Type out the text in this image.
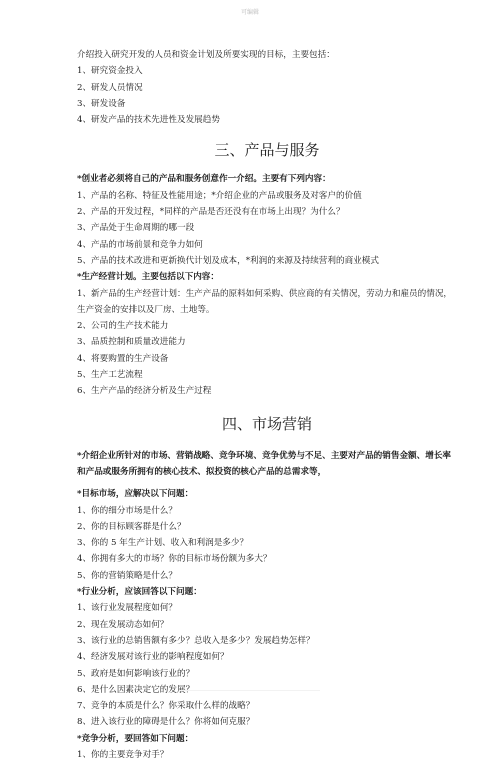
可编辑
介绍投入研究开发的人员和资金计划及所要实现的目标，主要包括：
1、研究资金投入
2、研发人员情况
3、研发设备
4、研发产品的技术先进性及发展趋势
三、产品与服务
*创业者必须将自己的产品和服务创意作一介绍。主要有下列内容：
1、产品的名称、特征及性能用途；*介绍企业的产品或服务及对客户的价值
2、产品的开发过程，*同样的产品是否还没有在市场上出现？为什么？
3、产品处于生命周期的哪一段
4、产品的市场前景和竞争力如何
5、产品的技术改进和更新换代计划及成本，*利润的来源及持续营利的商业模式
*生产经营计划。主要包括以下内容：
1、新产品的生产经营计划：生产产品的原料如何采购、供应商的有关情况，劳动力和雇员的情况，生产资金的安排以及厂房、土地等。
2、公司的生产技术能力
3、品质控制和质量改进能力
4、将要购置的生产设备
5、生产工艺流程
6、生产产品的经济分析及生产过程
四、市场营销
*介绍企业所针对的市场、营销战略、竞争环境、竞争优势与不足、主要对产品的销售金额、增长率和产品或服务所拥有的核心技术、拟投资的核心产品的总需求等，
*目标市场，应解决以下问题：
1、你的细分市场是什么？
2、你的目标顾客群是什么？
3、你的 5 年生产计划、收入和利润是多少？
4、你拥有多大的市场？你的目标市场份额为多大？
5、你的营销策略是什么？
*行业分析，应该回答以下问题：
1、该行业发展程度如何？
2、现在发展动态如何？
3、该行业的总销售额有多少？总收入是多少？发展趋势怎样？
4、经济发展对该行业的影响程度如何？
5、政府是如何影响该行业的？
6、是什么因素决定它的发展？
7、竞争的本质是什么？你采取什么样的战略？
8、进入该行业的障碍是什么？你将如何克服？
*竞争分析，要回答如下问题：
1、你的主要竞争对手？
